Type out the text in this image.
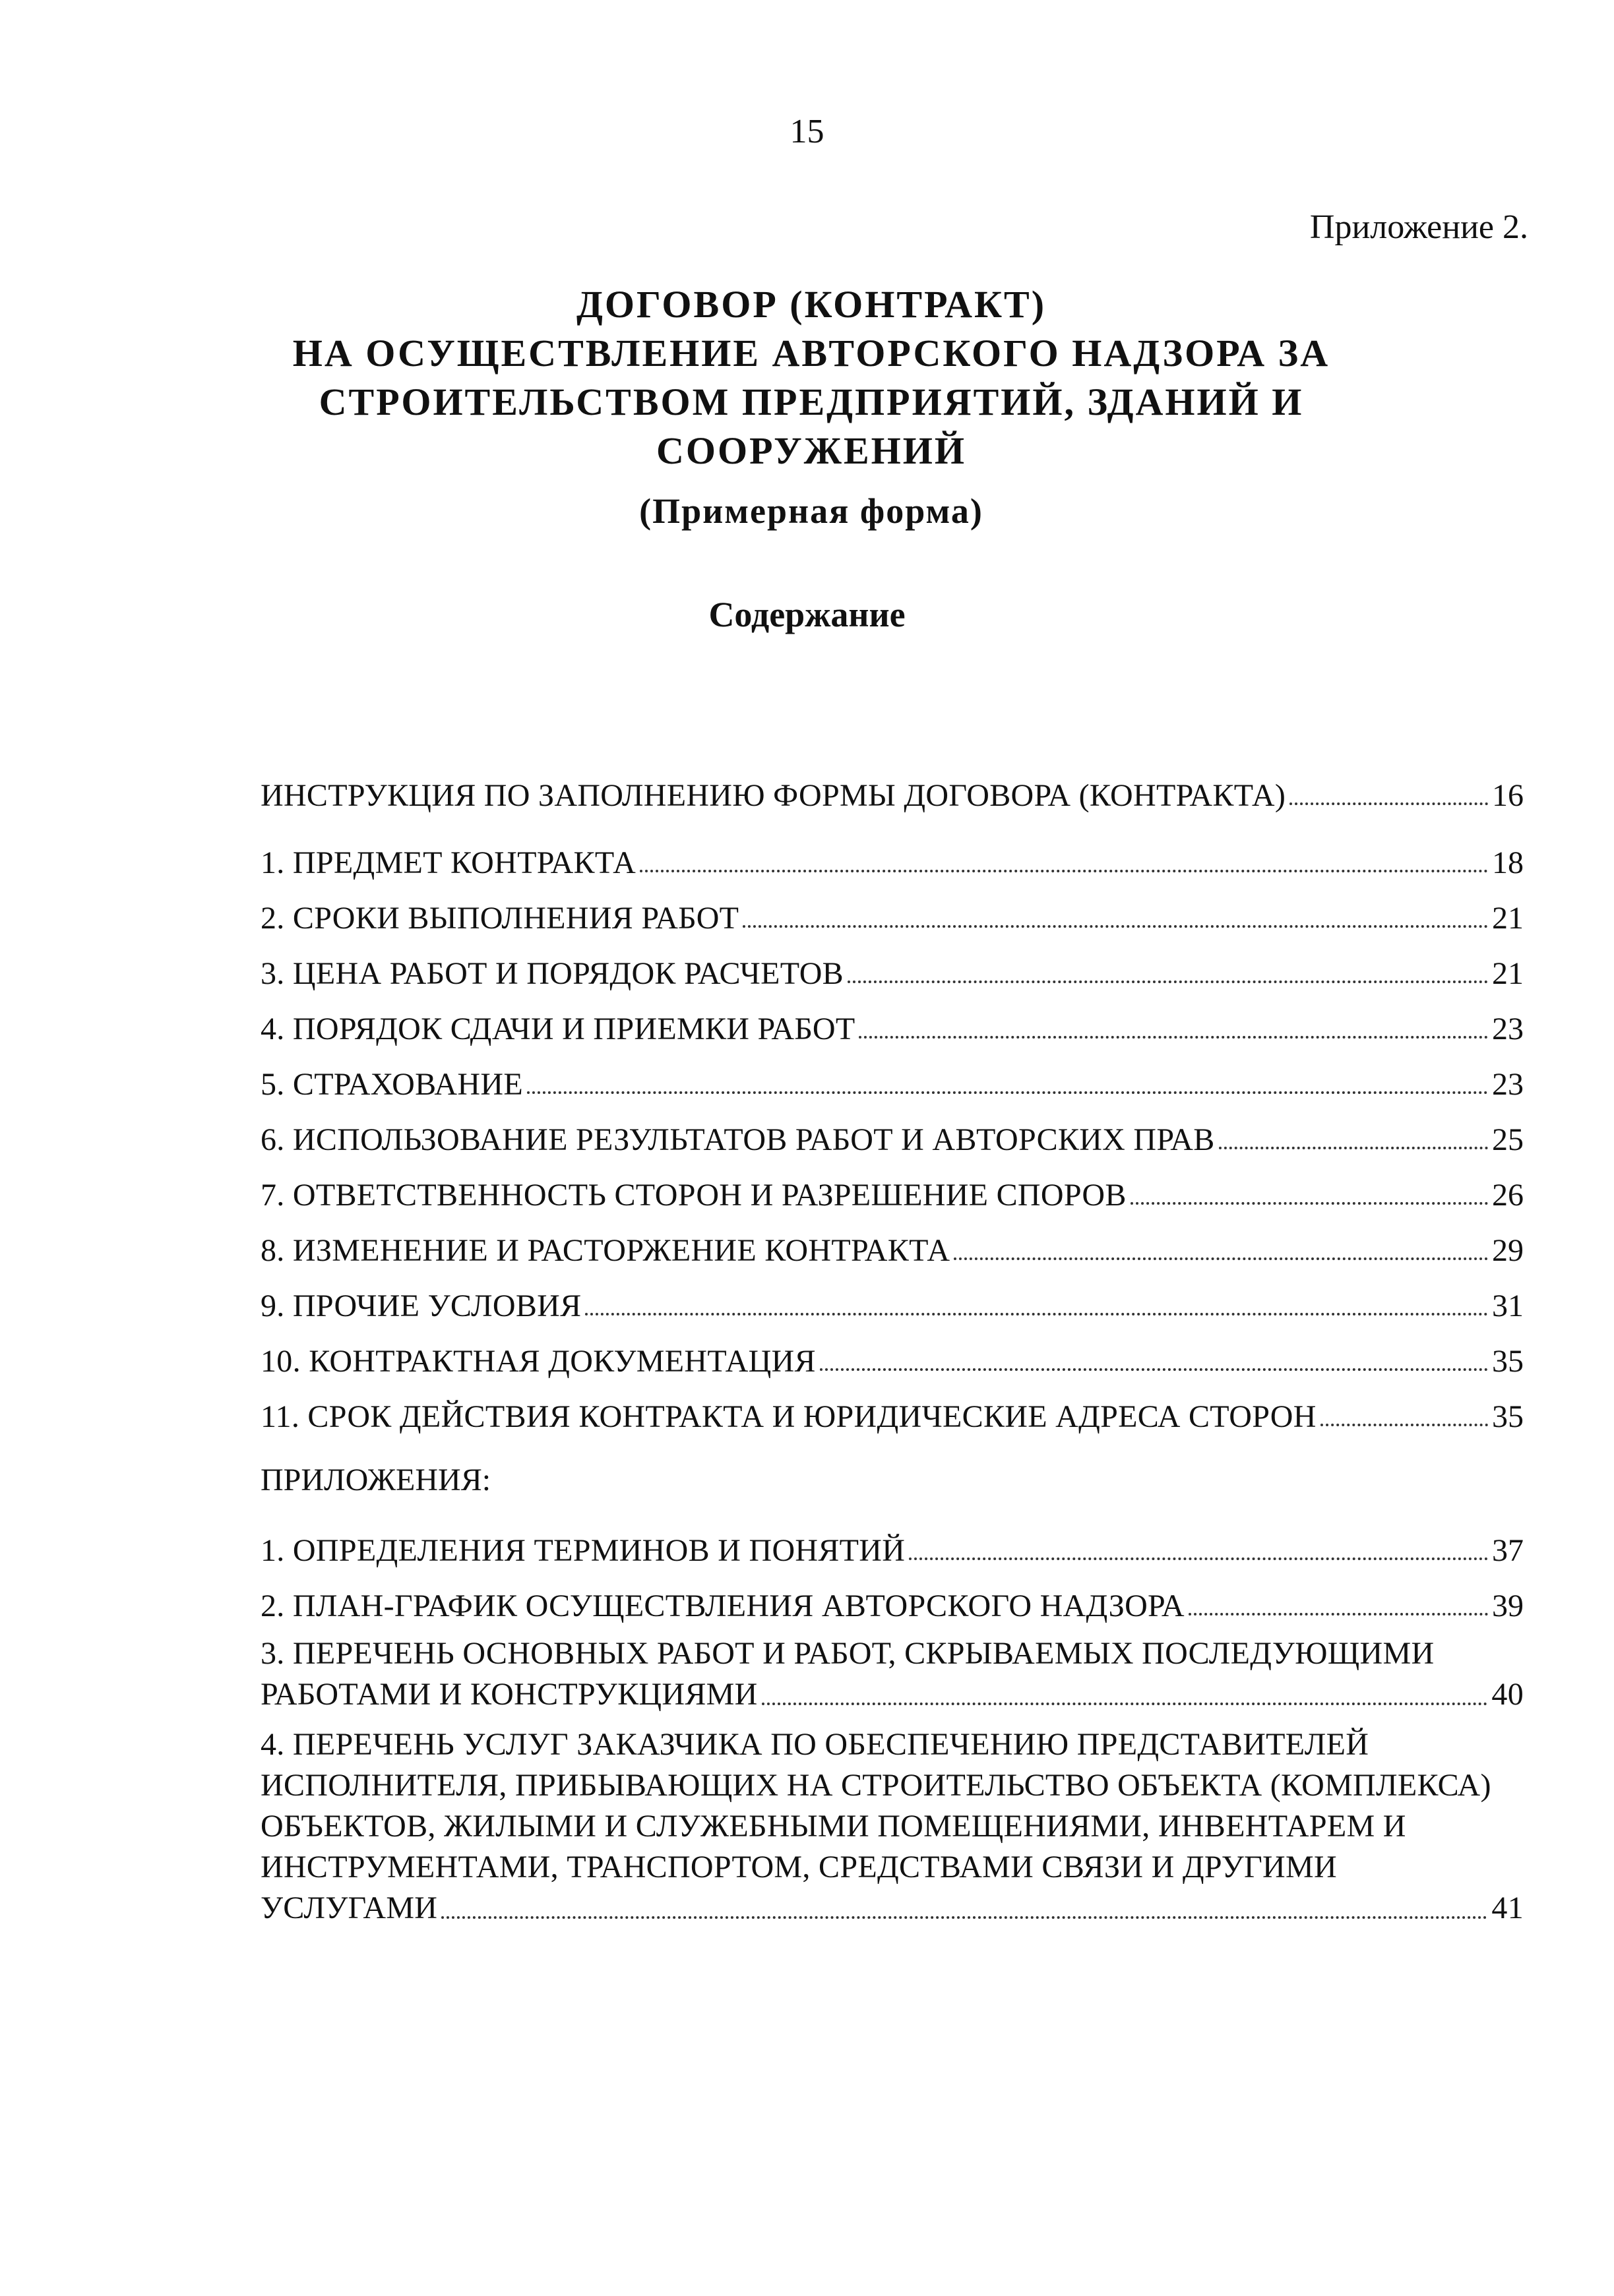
15
Приложение 2.
ДОГОВОР (КОНТРАКТ)
НА ОСУЩЕСТВЛЕНИЕ АВТОРСКОГО НАДЗОРА ЗА
СТРОИТЕЛЬСТВОМ ПРЕДПРИЯТИЙ, ЗДАНИЙ И
СООРУЖЕНИЙ
(Примерная форма)
Содержание
ИНСТРУКЦИЯ ПО ЗАПОЛНЕНИЮ ФОРМЫ ДОГОВОРА (КОНТРАКТА)	16
1. ПРЕДМЕТ КОНТРАКТА	18
2. СРОКИ ВЫПОЛНЕНИЯ РАБОТ	21
3. ЦЕНА РАБОТ И ПОРЯДОК РАСЧЕТОВ	21
4. ПОРЯДОК СДАЧИ И ПРИЕМКИ РАБОТ	23
5. СТРАХОВАНИЕ	23
6. ИСПОЛЬЗОВАНИЕ РЕЗУЛЬТАТОВ РАБОТ И АВТОРСКИХ ПРАВ	25
7. ОТВЕТСТВЕННОСТЬ СТОРОН И РАЗРЕШЕНИЕ СПОРОВ	26
8. ИЗМЕНЕНИЕ И РАСТОРЖЕНИЕ КОНТРАКТА	29
9. ПРОЧИЕ УСЛОВИЯ	31
10. КОНТРАКТНАЯ ДОКУМЕНТАЦИЯ	35
11. СРОК ДЕЙСТВИЯ КОНТРАКТА И ЮРИДИЧЕСКИЕ АДРЕСА СТОРОН	35
ПРИЛОЖЕНИЯ:
1. ОПРЕДЕЛЕНИЯ ТЕРМИНОВ И ПОНЯТИЙ	37
2. ПЛАН-ГРАФИК ОСУЩЕСТВЛЕНИЯ АВТОРСКОГО НАДЗОРА	39
3. ПЕРЕЧЕНЬ ОСНОВНЫХ РАБОТ И РАБОТ, СКРЫВАЕМЫХ ПОСЛЕДУЮЩИМИ
РАБОТАМИ И КОНСТРУКЦИЯМИ	40
4. ПЕРЕЧЕНЬ УСЛУГ ЗАКАЗЧИКА ПО ОБЕСПЕЧЕНИЮ ПРЕДСТАВИТЕЛЕЙ
ИСПОЛНИТЕЛЯ, ПРИБЫВАЮЩИХ НА СТРОИТЕЛЬСТВО ОБЪЕКТА (КОМПЛЕКСА)
ОБЪЕКТОВ, ЖИЛЫМИ И СЛУЖЕБНЫМИ ПОМЕЩЕНИЯМИ, ИНВЕНТАРЕМ И
ИНСТРУМЕНТАМИ, ТРАНСПОРТОМ, СРЕДСТВАМИ СВЯЗИ И ДРУГИМИ
УСЛУГАМИ	41
